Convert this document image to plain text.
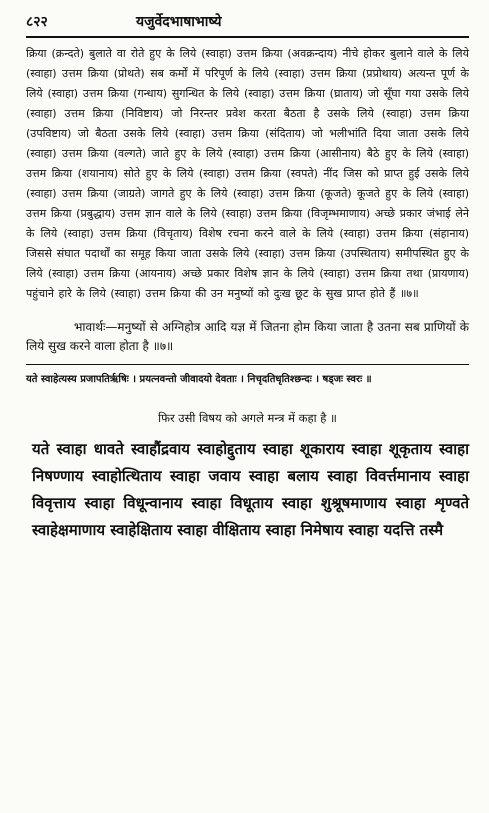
८२२	यजुर्वेदभाषाभाष्ये

क्रिया (क्रन्दते) बुलाते वा रोते हुए के लिये (स्वाहा) उत्तम क्रिया (अवक्रन्दाय) नीचे होकर बुलाने वाले के लिये (स्वाहा) उत्तम क्रिया (प्रोथते) सब कर्मों में परिपूर्ण के लिये (स्वाहा) उत्तम क्रिया (प्रप्रोथाय) अत्यन्त पूर्ण के लिये (स्वाहा) उत्तम क्रिया (गन्धाय) सुगन्धित के लिये (स्वाहा) उत्तम क्रिया (घ्राताय) जो सूँघा गया उसके लिये (स्वाहा) उत्तम क्रिया (निविष्टाय) जो निरन्तर प्रवेश करता बैठता है उसके लिये (स्वाहा) उत्तम क्रिया (उपविष्टाय) जो बैठता उसके लिये (स्वाहा) उत्तम क्रिया (संदिताय) जो भलीभांति दिया जाता उसके लिये (स्वाहा) उत्तम क्रिया (वल्गते) जाते हुए के लिये (स्वाहा) उत्तम क्रिया (आसीनाय) बैठे हुए के लिये (स्वाहा) उत्तम क्रिया (शयानाय) सोते हुए के लिये (स्वाहा) उत्तम क्रिया (स्वपते) नींद जिस को प्राप्त हुई उसके लिये (स्वाहा) उत्तम क्रिया (जाग्रते) जागते हुए के लिये (स्वाहा) उत्तम क्रिया (कूजते) कूजते हुए के लिये (स्वाहा) उत्तम क्रिया (प्रबुद्धाय) उत्तम ज्ञान वाले के लिये (स्वाहा) उत्तम क्रिया (विजृम्भमाणाय) अच्छे प्रकार जंभाई लेने के लिये (स्वाहा) उत्तम क्रिया (विचृताय) विशेष रचना करने वाले के लिये (स्वाहा) उत्तम क्रिया (संहानाय) जिससे संघात पदार्थों का समूह किया जाता उसके लिये (स्वाहा) उत्तम क्रिया (उपस्थिताय) समीपस्थित हुए के लिये (स्वाहा) उत्तम क्रिया (आयनाय) अच्छे प्रकार विशेष ज्ञान के लिये (स्वाहा) उत्तम क्रिया तथा (प्रायणाय) पहुंचाने हारे के लिये (स्वाहा) उत्तम क्रिया की उन मनुष्यों को दुःख छूट के सुख प्राप्त होते हैं ॥७॥

भावार्थः—मनुष्यों से अग्निहोत्र आदि यज्ञ में जितना होम किया जाता है उतना सब प्राणियों के लिये सुख करने वाला होता है ॥७॥

यते स्वाहेत्यस्य प्रजापतिर्ऋषिः । प्रयत्नवन्तो जीवादयो देवताः । निचृदतिधृतिश्छन्दः । षड्जः स्वरः ॥

फिर उसी विषय को अगले मन्त्र में कहा है ॥

यते स्वाहा धावते स्वाहौंद्रवाय स्वाहोद्दुताय स्वाहा शूकाराय स्वाहा शूकृताय स्वाहा निषण्णाय स्वाहोत्थिताय स्वाहा जवाय स्वाहा बलाय स्वाहा विवर्त्तमानाय स्वाहा विवृत्ताय स्वाहा विधून्वानाय स्वाहा विधूताय स्वाहा शुश्रूषमाणाय स्वाहा शृण्वते स्वाहेक्षमाणाय स्वाहेक्षिताय स्वाहा वीक्षिताय स्वाहा निमेषाय स्वाहा यदत्ति तस्मै
